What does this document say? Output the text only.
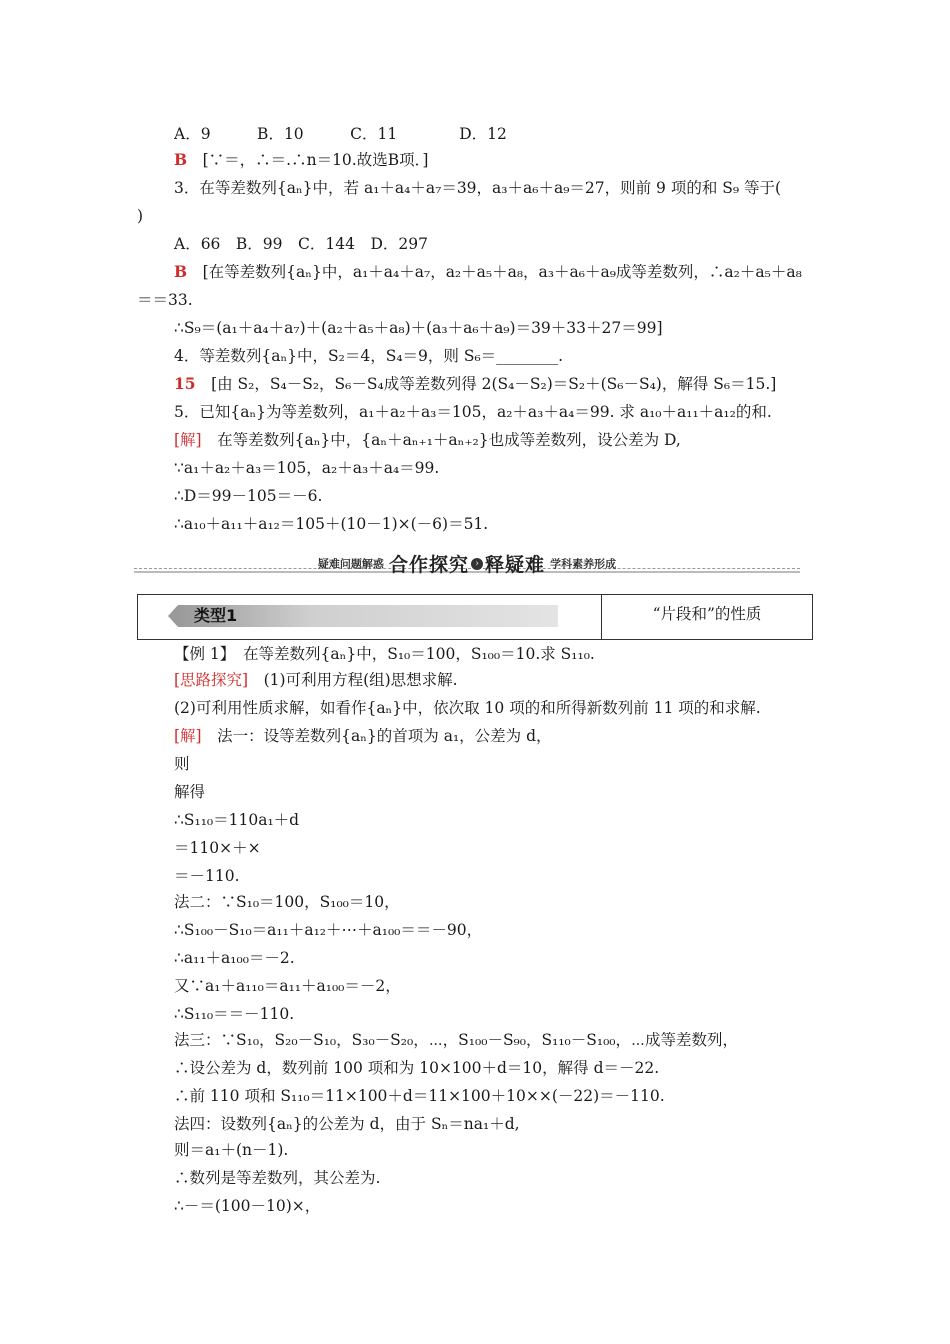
A．9　　　B．10　　　C．11　　　　D．12
B　[∵＝，∴＝.∴n＝10.故选B项．]
3．在等差数列{aₙ}中，若 a₁＋a₄＋a₇＝39，a₃＋a₆＋a₉＝27，则前 9 项的和 S₉ 等于(
)
A．66　B．99　C．144　D．297
B　[在等差数列{aₙ}中，a₁＋a₄＋a₇，a₂＋a₅＋a₈，a₃＋a₆＋a₉成等差数列，∴a₂＋a₅＋a₈
＝＝33.
∴S₉＝(a₁＋a₄＋a₇)＋(a₂＋a₅＋a₈)＋(a₃＋a₆＋a₉)＝39＋33＋27＝99]
4．等差数列{aₙ}中，S₂＝4，S₄＝9，则 S₆＝________.
15　[由 S₂，S₄－S₂，S₆－S₄成等差数列得 2(S₄－S₂)＝S₂＋(S₆－S₄)，解得 S₆＝15.]
5．已知{aₙ}为等差数列，a₁＋a₂＋a₃＝105，a₂＋a₃＋a₄＝99. 求 a₁₀＋a₁₁＋a₁₂的和.
[解]　在等差数列{aₙ}中，{aₙ＋aₙ₊₁＋aₙ₊₂}也成等差数列，设公差为 D,
∵a₁＋a₂＋a₃＝105，a₂＋a₃＋a₄＝99.
∴D＝99－105＝－6.
∴a₁₀＋a₁₁＋a₁₂＝105＋(10－1)×(－6)＝51.
【例 1】　在等差数列{aₙ}中，S₁₀＝100，S₁₀₀＝10.求 S₁₁₀.
[思路探究]　(1)可利用方程(组)思想求解.
(2)可利用性质求解，如看作{aₙ}中，依次取 10 项的和所得新数列前 11 项的和求解.
[解]　法一：设等差数列{aₙ}的首项为 a₁，公差为 d，
则
解得
∴S₁₁₀＝110a₁＋d
＝110×＋×
＝－110.
法二：∵S₁₀＝100，S₁₀₀＝10，
∴S₁₀₀－S₁₀＝a₁₁＋a₁₂＋⋯＋a₁₀₀＝＝－90，
∴a₁₁＋a₁₀₀＝－2.
又∵a₁＋a₁₁₀＝a₁₁＋a₁₀₀＝－2，
∴S₁₁₀＝＝－110.
法三：∵S₁₀，S₂₀－S₁₀，S₃₀－S₂₀，⋯，S₁₀₀－S₉₀，S₁₁₀－S₁₀₀，⋯成等差数列，
∴设公差为 d，数列前 100 项和为 10×100＋d＝10，解得 d＝－22.
∴前 110 项和 S₁₁₀＝11×100＋d＝11×100＋10××(－22)＝－110.
法四：设数列{aₙ}的公差为 d，由于 Sₙ＝na₁＋d,
则＝a₁＋(n－1).
∴数列是等差数列，其公差为.
∴－＝(100－10)×，
疑难问题解惑 合作探究 › 释疑难 学科素养形成
类型1	“片段和”的性质
